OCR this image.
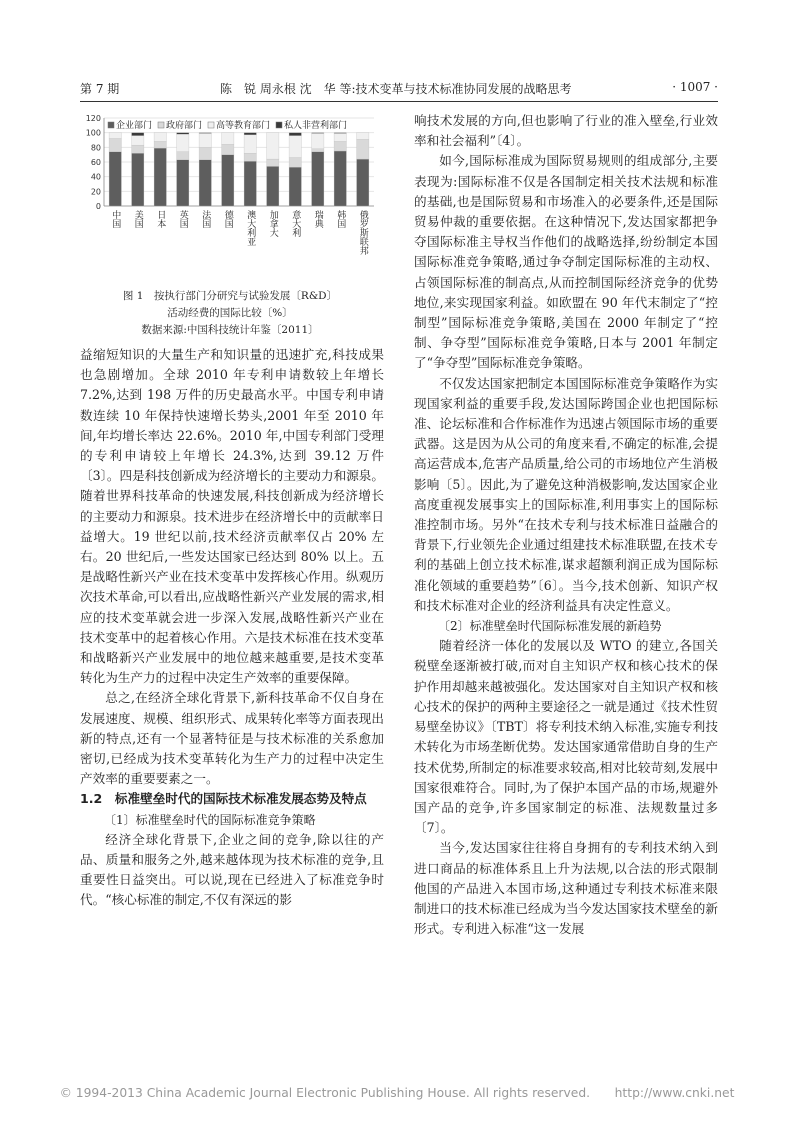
第 7 期	陈　锐 周永根 沈　华 等:技术变革与技术标准协同发展的战略思考	· 1007 ·
0
20
40
60
80
100
120
中国 美国 日本 英国 法国 德国 澳大利亚 加拿大 意大利 瑞典 韩国 俄罗斯联邦
企业部门 政府部门 高等教育部门 私人非营利部门
图 1　按执行部门分研究与试验发展〔R&D〕
活动经费的国际比较〔%〕
数据来源:中国科技统计年鉴〔2011〕

益缩短知识的大量生产和知识量的迅速扩充,科技成果也急剧增加。全球 2010 年专利申请数较上年增长 7.2%,达到 198 万件的历史最高水平。中国专利申请数连续 10 年保持快速增长势头,2001 年至 2010 年间,年均增长率达 22.6%。2010 年,中国专利部门受理的专利申请较上年增长 24.3%,达到 39.12 万件〔3〕。四是科技创新成为经济增长的主要动力和源泉。随着世界科技革命的快速发展,科技创新成为经济增长的主要动力和源泉。技术进步在经济增长中的贡献率日益增大。19 世纪以前,技术经济贡献率仅占 20% 左右。20 世纪后,一些发达国家已经达到 80% 以上。五是战略性新兴产业在技术变革中发挥核心作用。纵观历次技术革命,可以看出,应战略性新兴产业发展的需求,相应的技术变革就会进一步深入发展,战略性新兴产业在技术变革中的起着核心作用。六是技术标准在技术变革和战略新兴产业发展中的地位越来越重要,是技术变革转化为生产力的过程中决定生产效率的重要保障。

总之,在经济全球化背景下,新科技革命不仅自身在发展速度、规模、组织形式、成果转化率等方面表现出新的特点,还有一个显著特征是与技术标准的关系愈加密切,已经成为技术变革转化为生产力的过程中决定生产效率的重要要素之一。

1.2　标准壁垒时代的国际技术标准发展态势及特点

〔1〕标准壁垒时代的国际标准竞争策略

经济全球化背景下,企业之间的竞争,除以往的产品、质量和服务之外,越来越体现为技术标准的竞争,且重要性日益突出。可以说,现在已经进入了标准竞争时代。“核心标准的制定,不仅有深远的影

响技术发展的方向,但也影响了行业的准入壁垒,行业效率和社会福利”〔4〕。

如今,国际标准成为国际贸易规则的组成部分,主要表现为:国际标准不仅是各国制定相关技术法规和标准的基础,也是国际贸易和市场准入的必要条件,还是国际贸易仲裁的重要依据。在这种情况下,发达国家都把争夺国际标准主导权当作他们的战略选择,纷纷制定本国国际标准竞争策略,通过争夺制定国际标准的主动权、占领国际标准的制高点,从而控制国际经济竞争的优势地位,来实现国家利益。如欧盟在 90 年代末制定了“控制型”国际标准竞争策略,美国在 2000 年制定了“控制、争夺型”国际标准竞争策略,日本与 2001 年制定了“争夺型”国际标准竞争策略。

不仅发达国家把制定本国国际标准竞争策略作为实现国家利益的重要手段,发达国际跨国企业也把国际标准、论坛标准和合作标准作为迅速占领国际市场的重要武器。这是因为从公司的角度来看,不确定的标准,会提高运营成本,危害产品质量,给公司的市场地位产生消极影响〔5〕。因此,为了避免这种消极影响,发达国家企业高度重视发展事实上的国际标准,利用事实上的国际标准控制市场。另外“在技术专利与技术标准日益融合的背景下,行业领先企业通过组建技术标准联盟,在技术专利的基础上创立技术标准,谋求超额利润正成为国际标准化领域的重要趋势”〔6〕。当今,技术创新、知识产权和技术标准对企业的经济利益具有决定性意义。

〔2〕标准壁垒时代国际标准发展的新趋势

随着经济一体化的发展以及 WTO 的建立,各国关税壁垒逐渐被打破,而对自主知识产权和核心技术的保护作用却越来越被强化。发达国家对自主知识产权和核心技术的保护的两种主要途径之一就是通过《技术性贸易壁垒协议》〔TBT〕将专利技术纳入标准,实施专利技术转化为市场垄断优势。发达国家通常借助自身的生产技术优势,所制定的标准要求较高,相对比较苛刻,发展中国家很难符合。同时,为了保护本国产品的市场,规避外国产品的竞争,许多国家制定的标准、法规数量过多〔7〕。

当今,发达国家往往将自身拥有的专利技术纳入到进口商品的标准体系且上升为法规,以合法的形式限制他国的产品进入本国市场,这种通过专利技术标准来限制进口的技术标准已经成为当今发达国家技术壁垒的新形式。专利进入标准“这一发展

© 1994-2013 China Academic Journal Electronic Publishing House. All rights reserved.　　http://www.cnki.net
